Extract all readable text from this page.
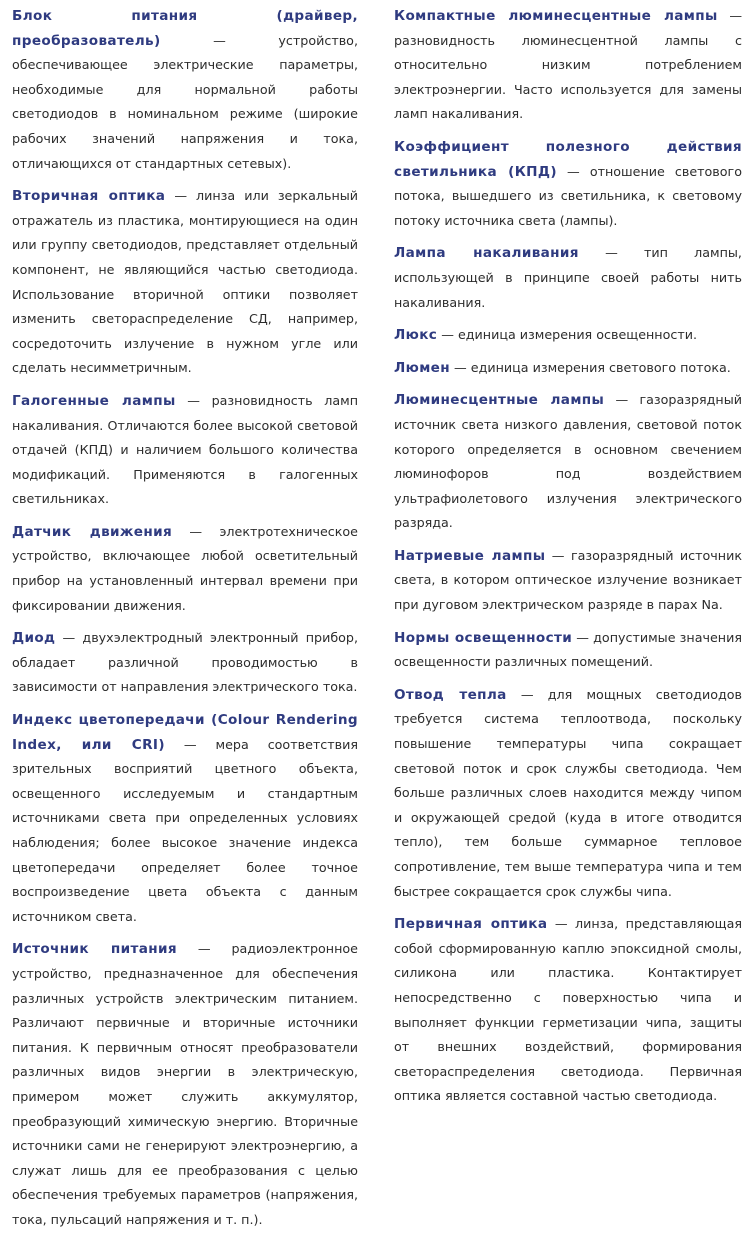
Блок питания (драйвер, преобразователь)	—	устройство, обеспечивающее электрические параметры, необходимые для нормальной работы светодиодов в номинальном режиме (широкие рабочих значений напряжения и тока, отличающихся от стандартных сетевых).

Вторичная оптика — линза или зеркальный отражатель из пластика, монтирующиеся на один или группу светодиодов, представляет отдельный компонент, не являющийся частью светодиода. Использование вторичной оптики позволяет изменить светораспределение СД, например, сосредоточить излучение в нужном угле или сделать несимметричным.

Галогенные лампы — разновидность ламп накаливания. Отличаются более высокой световой отдачей (КПД) и наличием большого количества модификаций. Применяются в галогенных светильниках.

Датчик движения — электротехническое устройство, включающее любой осветительный прибор на установленный интервал времени при фиксировании движения.

Диод — двухэлектродный электронный прибор, обладает различной проводимостью в зависимости от направления электрического тока.

Индекс цветопередачи (Colour Rendering Index, или CRI) — мера соответствия зрительных восприятий цветного объекта, освещенного исследуемым и стандартным источниками света при определенных условиях наблюдения; более высокое значение индекса цветопередачи определяет более точное воспроизведение цвета объекта с данным источником света.

Источник питания — радиоэлектронное устройство, предназначенное для обеспечения различных устройств электрическим питанием. Различают первичные и вторичные источники питания. К первичным относят преобразователи различных видов энергии в электрическую, примером может служить аккумулятор, преобразующий химическую энергию. Вторичные источники сами не генерируют электроэнергию, а служат лишь для ее преобразования с целью обеспечения требуемых параметров (напряжения, тока, пульсаций напряжения и т. п.).

Компактные люминесцентные лампы — разновидность люминесцентной лампы с относительно низким потреблением электроэнергии. Часто используется для замены ламп накаливания.

Коэффициент полезного действия светильника (КПД) — отношение светового потока, вышедшего из светильника, к световому потоку источника света (лампы).

Лампа накаливания — тип лампы, использующей в принципе своей работы нить накаливания.

Люкс — единица измерения освещенности.

Люмен — единица измерения светового потока.

Люминесцентные лампы — газоразрядный источник света низкого давления, световой поток которого определяется в основном свечением люминофоров под воздействием ультрафиолетового излучения электрического разряда.

Натриевые лампы — газоразрядный источник света, в котором оптическое излучение возникает при дуговом электрическом разряде в парах Na.

Нормы освещенности — допустимые значения освещенности различных помещений.

Отвод тепла — для мощных светодиодов требуется система теплоотвода, поскольку повышение температуры чипа сокращает световой поток и срок службы светодиода. Чем больше различных слоев находится между чипом и окружающей средой (куда в итоге отводится тепло), тем больше суммарное тепловое сопротивление, тем выше температура чипа и тем быстрее сокращается срок службы чипа.

Первичная оптика — линза, представляющая собой сформированную каплю эпоксидной смолы, силикона или пластика. Контактирует непосредственно с поверхностью чипа и выполняет функции герметизации чипа, защиты от внешних воздействий, формирования светораспределения светодиода. Первичная оптика является составной частью светодиода.
